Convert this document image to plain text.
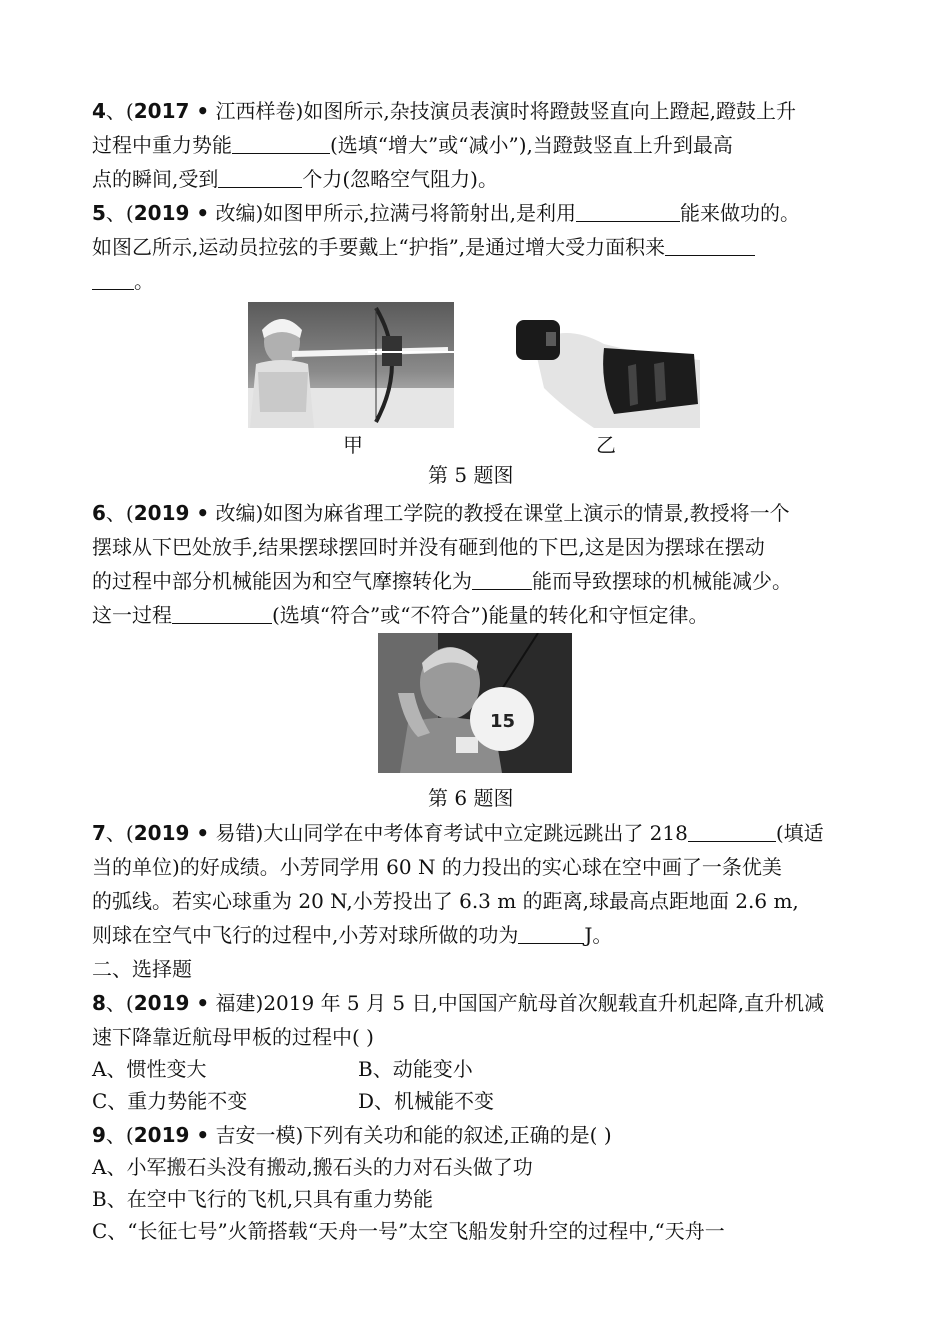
4、(2017 • 江西样卷)如图所示,杂技演员表演时将蹬鼓竖直向上蹬起,蹬鼓上升
过程中重力势能	(选填“增大”或“减小”),当蹬鼓竖直上升到最高
点的瞬间,受到	个力(忽略空气阻力)。
5、(2019 • 改编)如图甲所示,拉满弓将箭射出,是利用	能来做功的。
如图乙所示,运动员拉弦的手要戴上“护指”,是通过增大受力面积来
。
甲	乙
第 5 题图
6、(2019 • 改编)如图为麻省理工学院的教授在课堂上演示的情景,教授将一个
摆球从下巴处放手,结果摆球摆回时并没有砸到他的下巴,这是因为摆球在摆动
的过程中部分机械能因为和空气摩擦转化为	能而导致摆球的机械能减少。
这一过程	(选填“符合”或“不符合”)能量的转化和守恒定律。
15
第 6 题图
7、(2019 • 易错)大山同学在中考体育考试中立定跳远跳出了 218	(填适
当的单位)的好成绩。小芳同学用 60 N 的力投出的实心球在空中画了一条优美
的弧线。若实心球重为 20 N,小芳投出了 6.3 m 的距离,球最高点距地面 2.6 m,
则球在空气中飞行的过程中,小芳对球所做的功为	J。
二、选择题
8、(2019 • 福建)2019 年 5 月 5 日,中国国产航母首次舰载直升机起降,直升机减
速下降靠近航母甲板的过程中( )
A、惯性变大	B、动能变小
C、重力势能不变	D、机械能不变
9、(2019 • 吉安一模)下列有关功和能的叙述,正确的是( )
A、小军搬石头没有搬动,搬石头的力对石头做了功
B、在空中飞行的飞机,只具有重力势能
C、“长征七号”火箭搭载“天舟一号”太空飞船发射升空的过程中,“天舟一
